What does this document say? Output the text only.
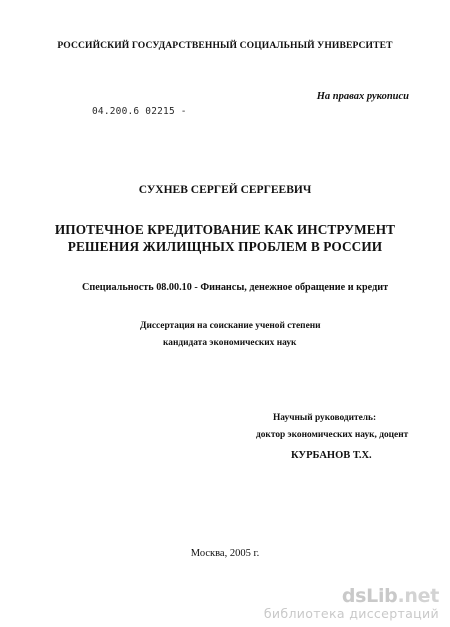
РОССИЙСКИЙ ГОСУДАРСТВЕННЫЙ СОЦИАЛЬНЫЙ УНИВЕРСИТЕТ
На правах рукописи
04.200.6 02215 -
СУХНЕВ СЕРГЕЙ СЕРГЕЕВИЧ
ИПОТЕЧНОЕ КРЕДИТОВАНИЕ КАК ИНСТРУМЕНТ
РЕШЕНИЯ ЖИЛИЩНЫХ ПРОБЛЕМ В РОССИИ
Специальность 08.00.10 - Финансы, денежное обращение и кредит
Диссертация на соискание ученой степени
кандидата экономических наук
Научный руководитель:
доктор экономических наук, доцент
КУРБАНОВ Т.Х.
Москва, 2005 г.
dsLib.net
библиотека диссертаций
